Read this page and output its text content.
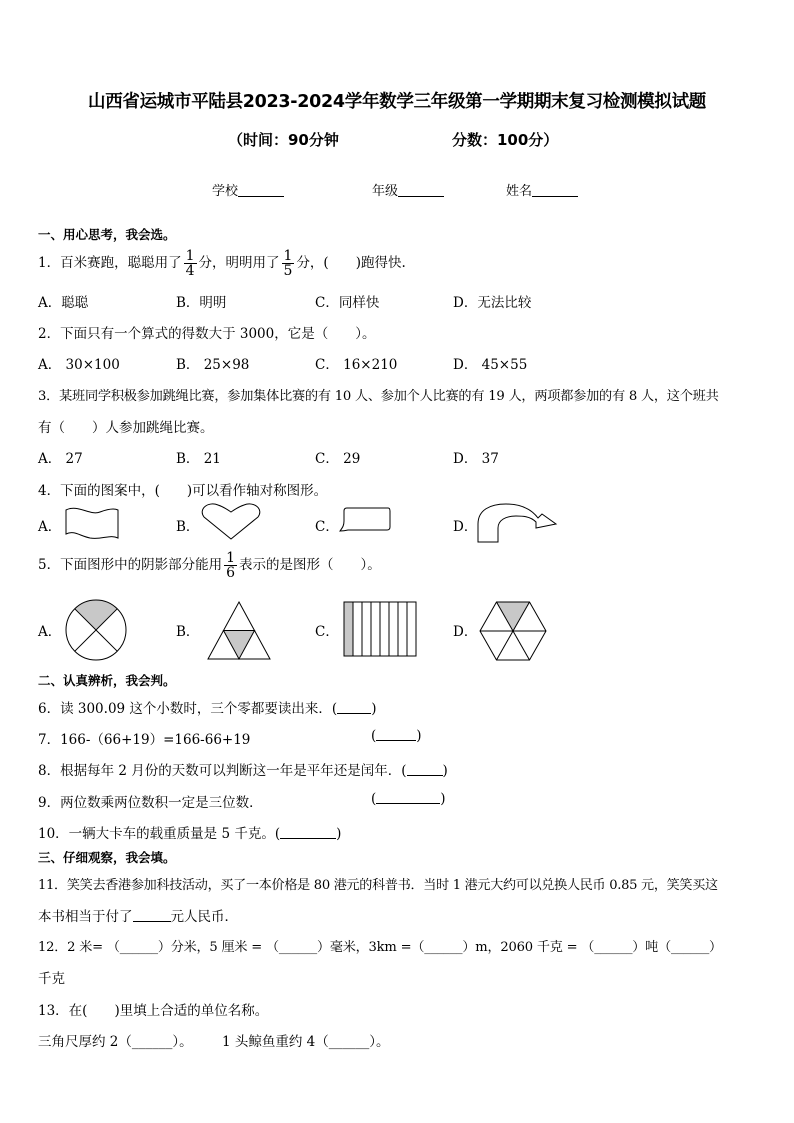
山西省运城市平陆县2023-2024学年数学三年级第一学期期末复习检测模拟试题
（时间：90分钟	分数：100分）
学校	年级	姓名
一、用心思考，我会选。
1．百米赛跑，聪聪用了 $\frac{1}{4}$ 分，明明用了 $\frac{1}{5}$ 分，(　　)跑得快.
A．聪聪	B．明明	C．同样快	D．无法比较
2．下面只有一个算式的得数大于 3000，它是（　　）。
A． 30×100	B． 25×98	C． 16×210	D． 45×55
3．某班同学积极参加跳绳比赛，参加集体比赛的有 10 人、参加个人比赛的有 19 人，两项都参加的有 8 人，这个班共
有（　　）人参加跳绳比赛。
A． 27	B． 21	C． 29	D． 37
4．下面的图案中，(　　)可以看作轴对称图形。
A．	B．	C．	D．
5．下面图形中的阴影部分能用 $\frac{1}{6}$ 表示的是图形（　　）。
A．	B．	C．	D．
二、认真辨析，我会判。
6．读 300.09 这个小数时，三个零都要读出来．(	)
7．166-（66+19）=166-66+19	(	)
8．根据每年 2 月份的天数可以判断这一年是平年还是闰年．(	)
9．两位数乘两位数积一定是三位数．	(	)
10．一辆大卡车的载重质量是 5 千克。(	)
三、仔细观察，我会填。
11．笑笑去香港参加科技活动，买了一本价格是 80 港元的科普书．当时 1 港元大约可以兑换人民币 0.85 元，笑笑买这
本书相当于付了	元人民币．
12．2 米= （______）分米，5 厘米 = （______）毫米，3km =（______）m，2060 千克 = （______）吨（______）
千克
13．在(　　)里填上合适的单位名称。
三角尺厚约 2（______）。 1 头鲸鱼重约 4（______）。
